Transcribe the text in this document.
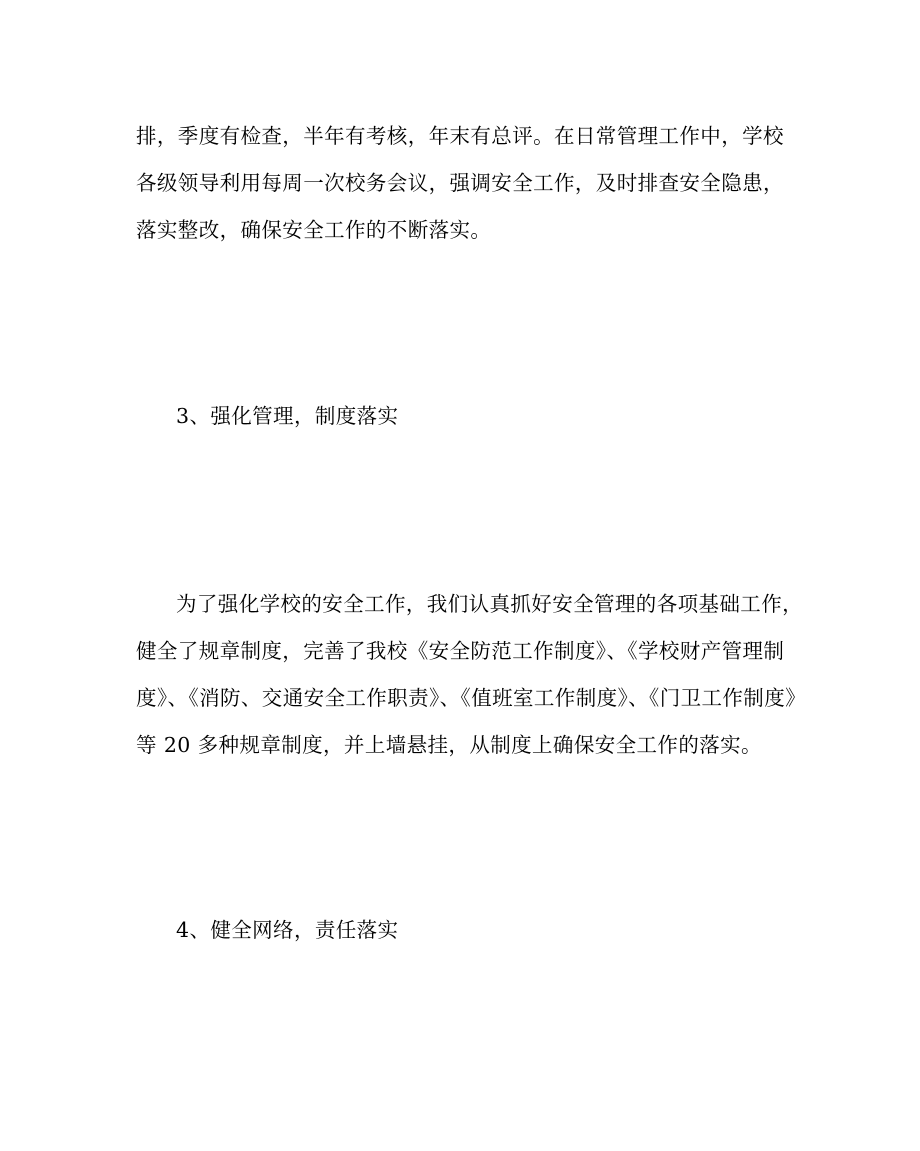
排，季度有检查，半年有考核，年末有总评。在日常管理工作中，学校
各级领导利用每周一次校务会议，强调安全工作，及时排查安全隐患，
落实整改，确保安全工作的不断落实。
3、强化管理，制度落实
为了强化学校的安全工作，我们认真抓好安全管理的各项基础工作，
健全了规章制度，完善了我校《安全防范工作制度》、《学校财产管理制
度》、《消防、交通安全工作职责》、《值班室工作制度》、《门卫工作制度》
等 20 多种规章制度，并上墙悬挂，从制度上确保安全工作的落实。
4、健全网络，责任落实
